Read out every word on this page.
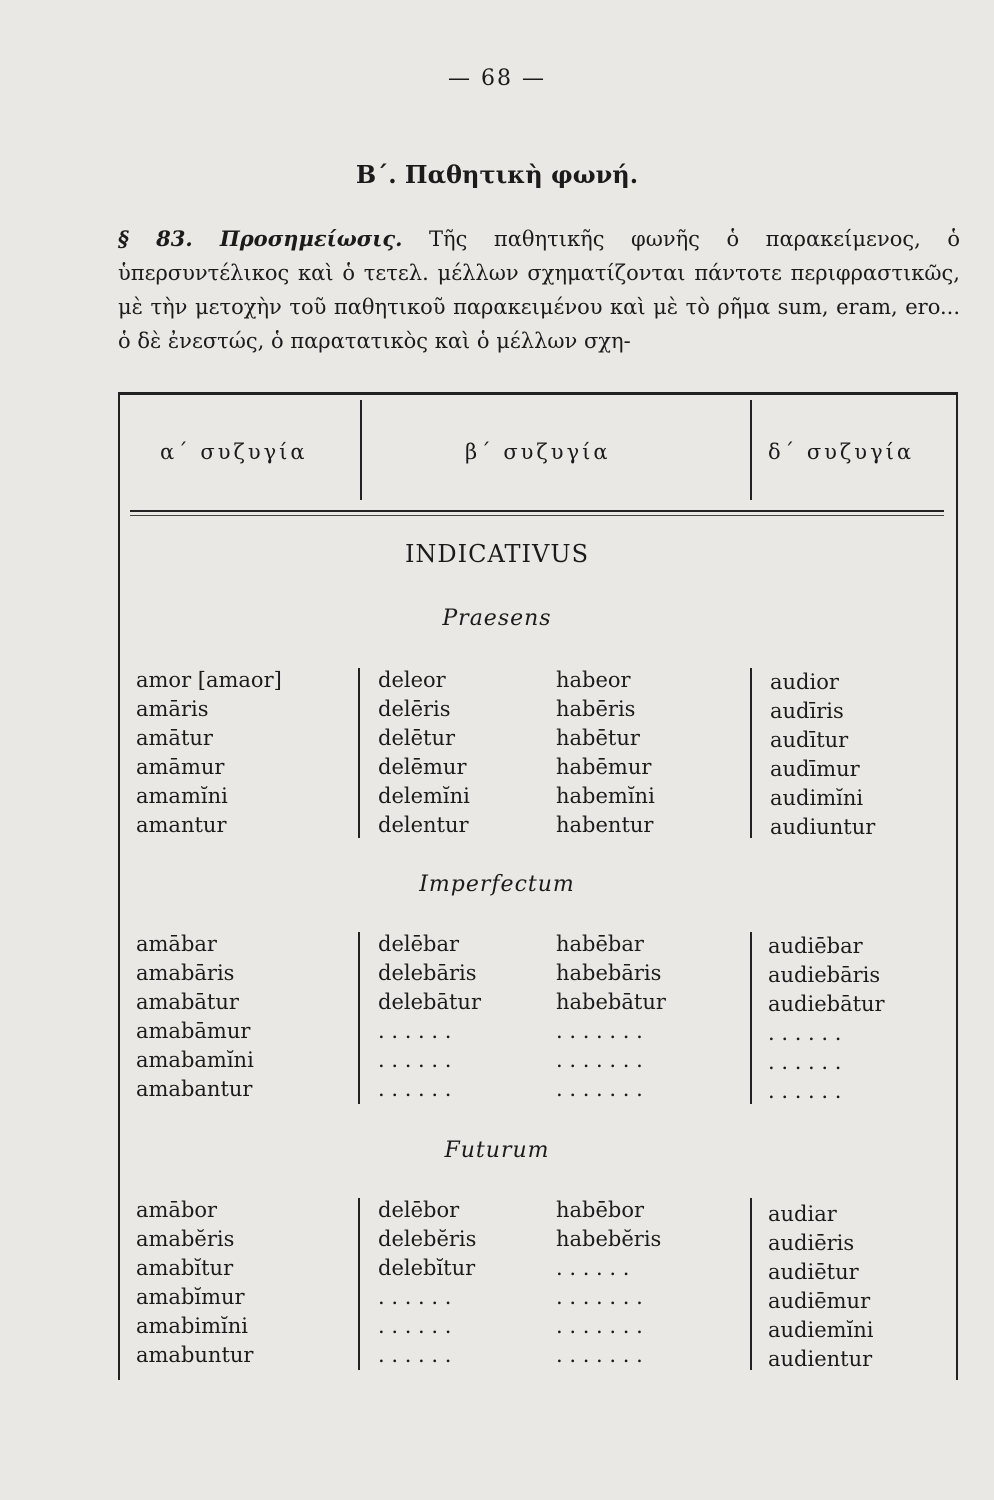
— 68 —
Β΄. Παθητικὴ φωνή.
§ 83. Προσημείωσις. Τῆς παθητικῆς φωνῆς ὁ παρακείμενος, ὁ ὑπερσυντέλικος καὶ ὁ τετελ. μέλλων σχηματίζονται πάντοτε περιφραστικῶς, μὲ τὴν μετοχὴν τοῦ παθητικοῦ παρακειμένου καὶ μὲ τὸ ρῆμα sum, eram, ero... ὁ δὲ ἐνεστώς, ὁ παρατατικὸς καὶ ὁ μέλλων σχη-
α΄ συζυγία	β΄ συζυγία	δ΄ συζυγία
INDICATIVUS
Praesens
amor [amaor]
amāris
amātur
amāmur
amamĭni
amantur
deleor
delēris
delētur
delēmur
delemĭni
delentur
habeor
habēris
habētur
habēmur
habemĭni
habentur
audior
audīris
audītur
audīmur
audimĭni
audiuntur
Imperfectum
amābar
amabāris
amabātur
amabāmur
amabamĭni
amabantur
delēbar
delebāris
delebātur
. . . . . .
. . . . . .
. . . . . .
habēbar
habebāris
habebātur
. . . . . . .
. . . . . . .
. . . . . . .
audiēbar
audiebāris
audiebātur
. . . . . .
. . . . . .
. . . . . .
Futurum
amābor
amabĕris
amabĭtur
amabĭmur
amabimĭni
amabuntur
delēbor
delebĕris
delebĭtur
. . . . . .
. . . . . .
. . . . . .
habēbor
habebĕris
. . . . . .
. . . . . . .
. . . . . . .
. . . . . . .
audiar
audiēris
audiētur
audiēmur
audiemĭni
audientur
